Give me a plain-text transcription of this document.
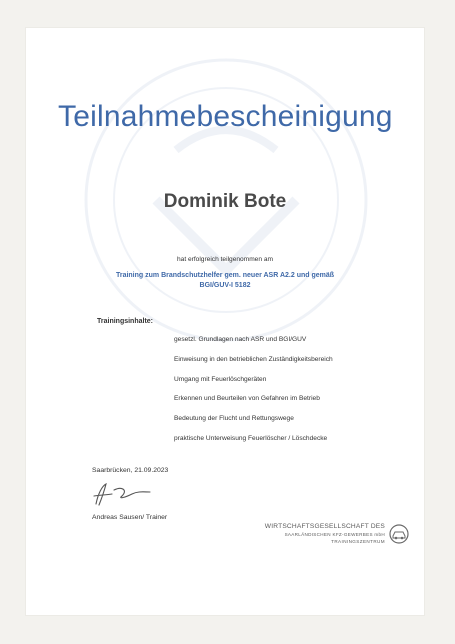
Teilnahmebescheinigung
Dominik Bote
hat erfolgreich teilgenommen am
Training zum Brandschutzhelfer gem. neuer ASR A2.2 und gemäß
BGI/GUV-I 5182
Trainingsinhalte:
gesetzl. Grundlagen nach ASR und BGI/GUV
Einweisung in den betrieblichen Zuständigkeitsbereich
Umgang mit Feuerlöschgeräten
Erkennen und Beurteilen von Gefahren im Betrieb
Bedeutung der Flucht und Rettungswege
praktische Unterweisung Feuerlöscher / Löschdecke
Saarbrücken, 21.09.2023
Andreas Sausen/ Trainer
WIRTSCHAFTSGESELLSCHAFT DES
SAARLÄNDISCHEN KFZ-GEWERBES mbH
TRAININGSZENTRUM
